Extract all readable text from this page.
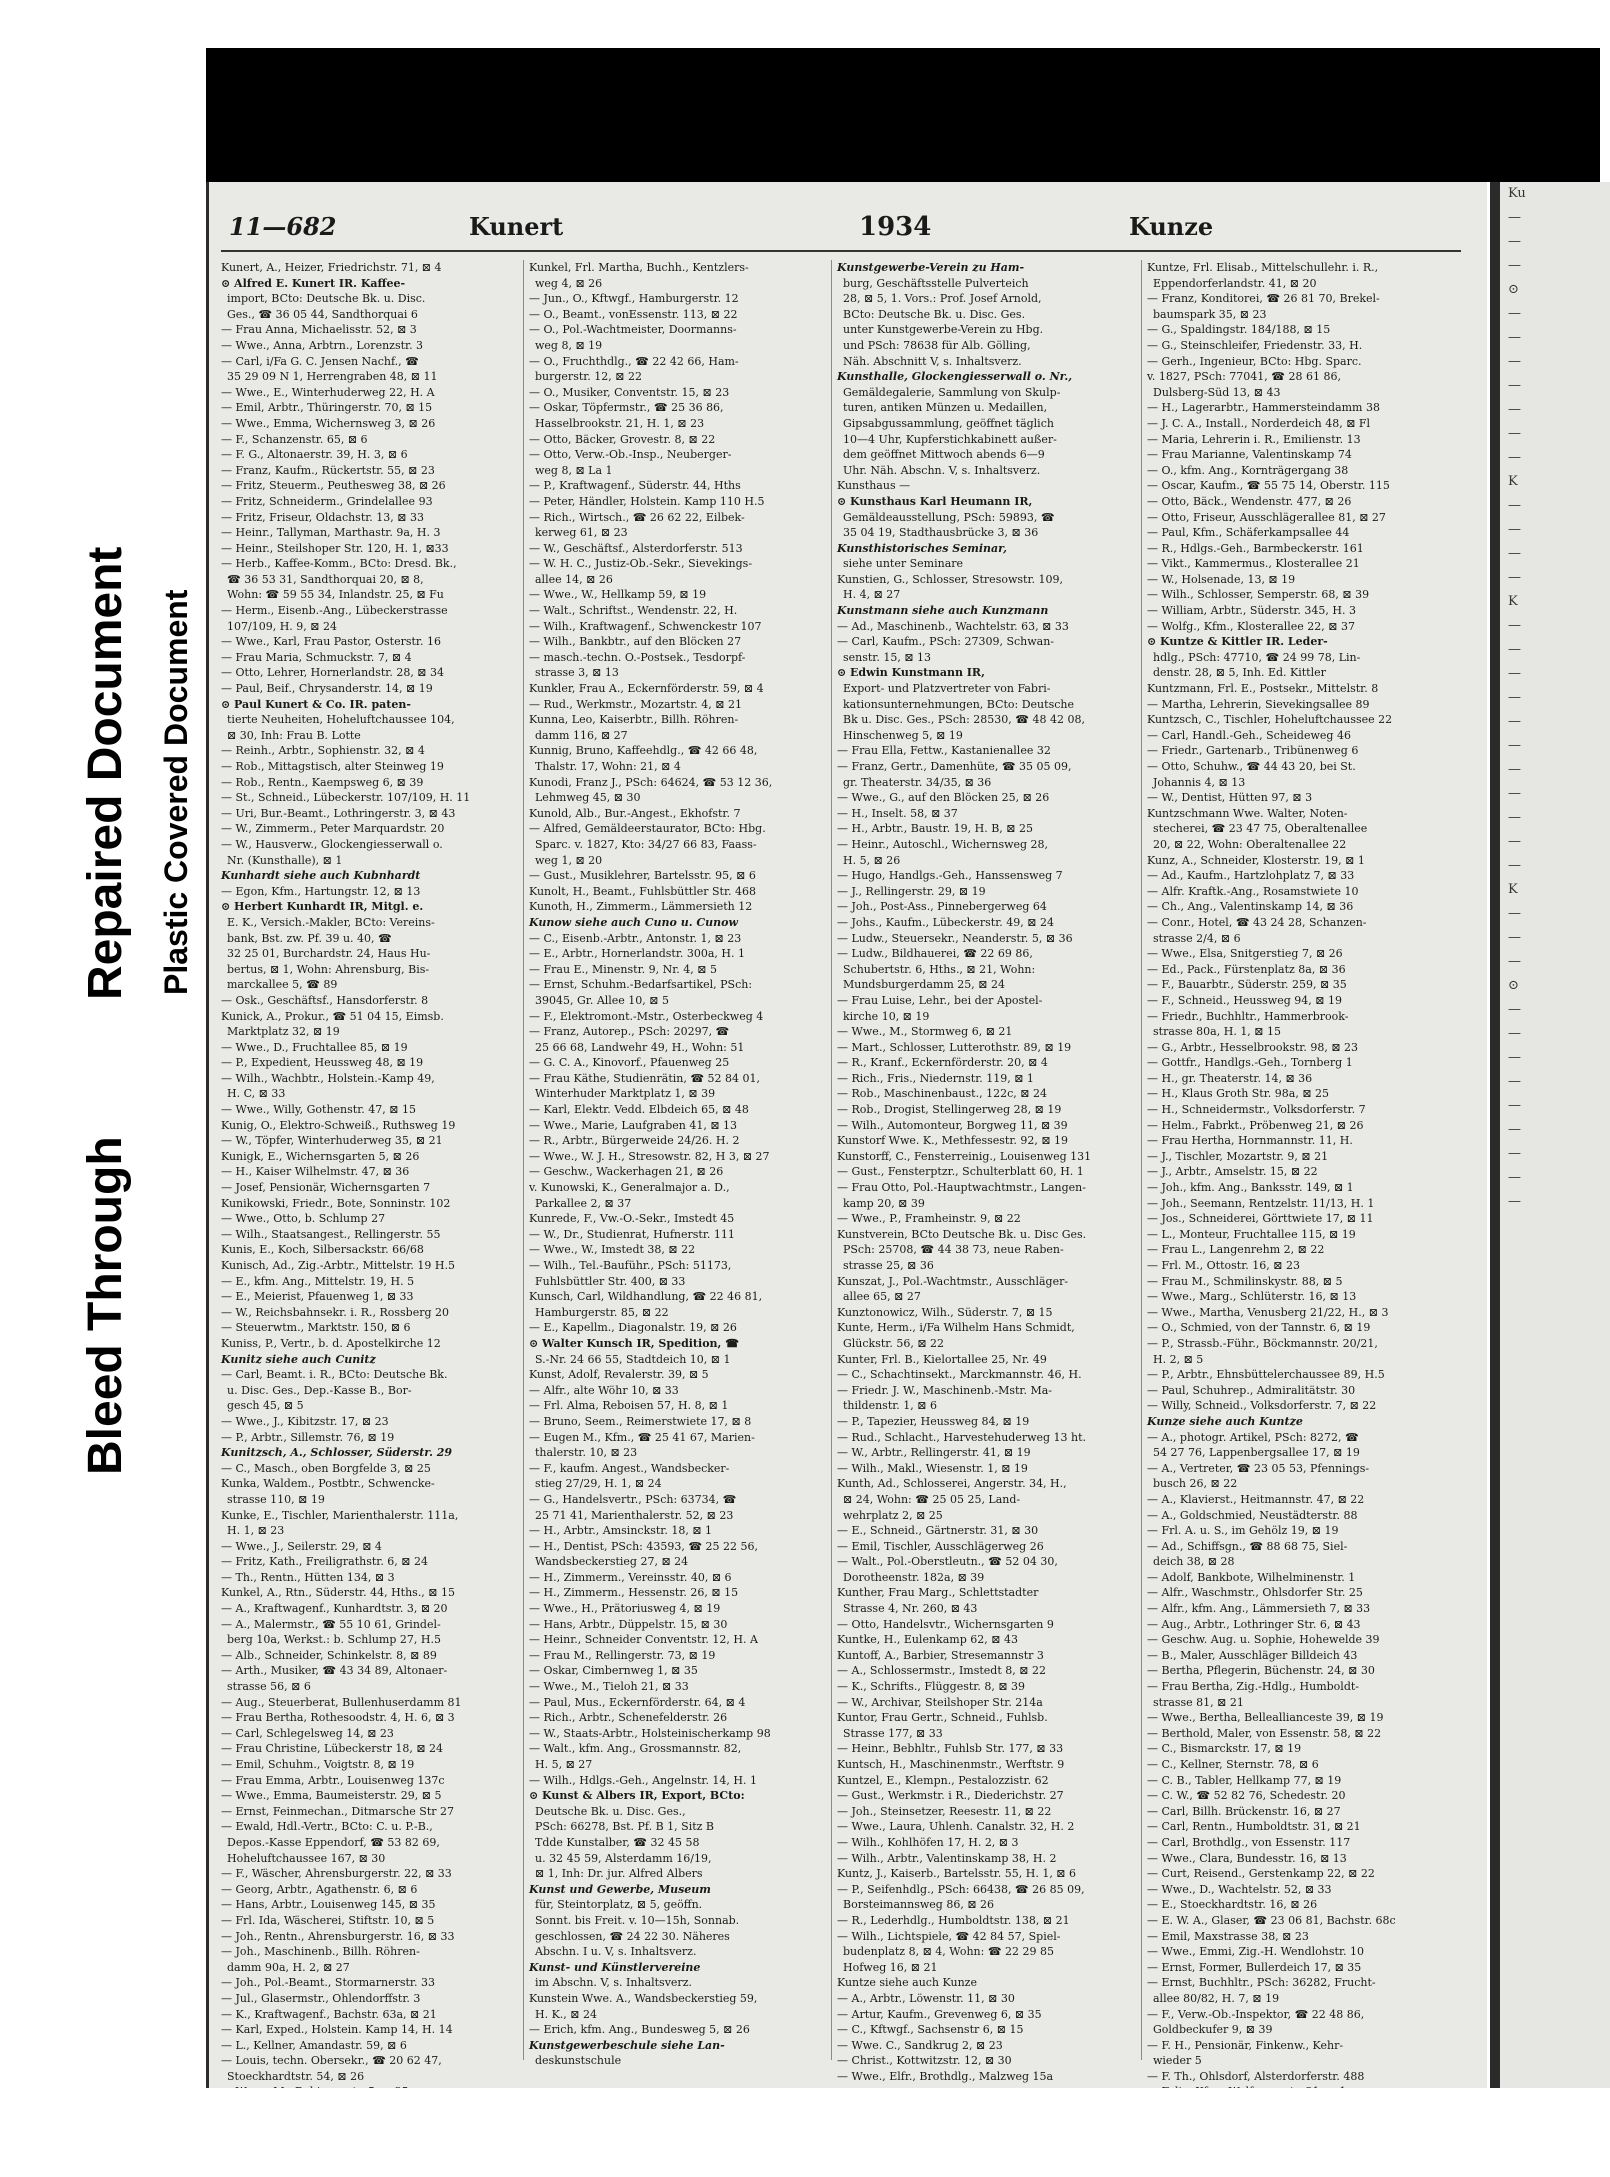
Bleed Through
Repaired Document Plastic Covered Document
11—682	Kunert	1934	Kunze
Kunert, A., Heizer, Friedrichstr. 71, ⊠ 4
⊙ Alfred E. Kunert IR. Kaffee-
import, BCto: Deutsche Bk. u. Disc.
Ges., ☎ 36 05 44, Sandthorquai 6
— Frau Anna, Michaelisstr. 52, ⊠ 3
— Wwe., Anna, Arbtrn., Lorenzstr. 3
— Carl, i/Fa G. C. Jensen Nachf., ☎
35 29 09 N 1, Herrengraben 48, ⊠ 11
— Wwe., E., Winterhuderweg 22, H. A
— Emil, Arbtr., Thüringerstr. 70, ⊠ 15
— Wwe., Emma, Wichernsweg 3, ⊠ 26
— F., Schanzenstr. 65, ⊠ 6
— F. G., Altonaerstr. 39, H. 3, ⊠ 6
— Franz, Kaufm., Rückertstr. 55, ⊠ 23
— Fritz, Steuerm., Peuthesweg 38, ⊠ 26
— Fritz, Schneiderm., Grindelallee 93
— Fritz, Friseur, Oldachstr. 13, ⊠ 33
— Heinr., Tallyman, Marthastr. 9a, H. 3
— Heinr., Steilshoper Str. 120, H. 1, ⊠33
— Herb., Kaffee-Komm., BCto: Dresd. Bk.,
☎ 36 53 31, Sandthorquai 20, ⊠ 8,
Wohn: ☎ 59 55 34, Inlandstr. 25, ⊠ Fu
— Herm., Eisenb.-Ang., Lübeckerstrasse
107/109, H. 9, ⊠ 24
— Wwe., Karl, Frau Pastor, Osterstr. 16
— Frau Maria, Schmuckstr. 7, ⊠ 4
— Otto, Lehrer, Hornerlandstr. 28, ⊠ 34
— Paul, Beif., Chrysanderstr. 14, ⊠ 19
⊙ Paul Kunert & Co. IR. paten-
tierte Neuheiten, Hoheluftchaussee 104,
⊠ 30, Inh: Frau B. Lotte
— Reinh., Arbtr., Sophienstr. 32, ⊠ 4
— Rob., Mittagstisch, alter Steinweg 19
— Rob., Rentn., Kaempsweg 6, ⊠ 39
— St., Schneid., Lübeckerstr. 107/109, H. 11
— Uri, Bur.-Beamt., Lothringerstr. 3, ⊠ 43
— W., Zimmerm., Peter Marquardstr. 20
— W., Hausverw., Glockengiesserwall o.
Nr. (Kunsthalle), ⊠ 1
Kunhardt siehe auch Kubnhardt
— Egon, Kfm., Hartungstr. 12, ⊠ 13
⊙ Herbert Kunhardt IR, Mitgl. e.
E. K., Versich.-Makler, BCto: Vereins-
bank, Bst. zw. Pf. 39 u. 40, ☎
32 25 01, Burchardstr. 24, Haus Hu-
bertus, ⊠ 1, Wohn: Ahrensburg, Bis-
marckallee 5, ☎ 89
— Osk., Geschäftsf., Hansdorferstr. 8
Kunick, A., Prokur., ☎ 51 04 15, Eimsb.
Marktplatz 32, ⊠ 19
— Wwe., D., Fruchtallee 85, ⊠ 19
— P., Expedient, Heussweg 48, ⊠ 19
— Wilh., Wachbtr., Holstein.-Kamp 49,
H. C, ⊠ 33
— Wwe., Willy, Gothenstr. 47, ⊠ 15
Kunig, O., Elektro-Schweiß., Ruthsweg 19
— W., Töpfer, Winterhuderweg 35, ⊠ 21
Kunigk, E., Wichernsgarten 5, ⊠ 26
— H., Kaiser Wilhelmstr. 47, ⊠ 36
— Josef, Pensionär, Wichernsgarten 7
Kunikowski, Friedr., Bote, Sonninstr. 102
— Wwe., Otto, b. Schlump 27
— Wilh., Staatsangest., Rellingerstr. 55
Kunis, E., Koch, Silbersackstr. 66/68
Kunisch, Ad., Zig.-Arbtr., Mittelstr. 19 H.5
— E., kfm. Ang., Mittelstr. 19, H. 5
— E., Meierist, Pfauenweg 1, ⊠ 33
— W., Reichsbahnsekr. i. R., Rossberg 20
— Steuerwtm., Marktstr. 150, ⊠ 6
Kuniss, P., Vertr., b. d. Apostelkirche 12
Kunitz siehe auch Cunitz
— Carl, Beamt. i. R., BCto: Deutsche Bk.
u. Disc. Ges., Dep.-Kasse B., Bor-
gesch 45, ⊠ 5
— Wwe., J., Kibitzstr. 17, ⊠ 23
— P., Arbtr., Sillemstr. 76, ⊠ 19
Kunitzsch, A., Schlosser, Süderstr. 29
— C., Masch., oben Borgfelde 3, ⊠ 25
Kunka, Waldem., Postbtr., Schwencke-
strasse 110, ⊠ 19
Kunke, E., Tischler, Marienthalerstr. 111a,
H. 1, ⊠ 23
— Wwe., J., Seilerstr. 29, ⊠ 4
— Fritz, Kath., Freiligrathstr. 6, ⊠ 24
— Th., Rentn., Hütten 134, ⊠ 3
Kunkel, A., Rtn., Süderstr. 44, Hths., ⊠ 15
— A., Kraftwagenf., Kunhardtstr. 3, ⊠ 20
— A., Malermstr., ☎ 55 10 61, Grindel-
berg 10a, Werkst.: b. Schlump 27, H.5
— Alb., Schneider, Schinkelstr. 8, ⊠ 89
— Arth., Musiker, ☎ 43 34 89, Altonaer-
strasse 56, ⊠ 6
— Aug., Steuerberat, Bullenhuserdamm 81
— Frau Bertha, Rothesoodstr. 4, H. 6, ⊠ 3
— Carl, Schlegelsweg 14, ⊠ 23
— Frau Christine, Lübeckerstr 18, ⊠ 24
— Emil, Schuhm., Voigtstr. 8, ⊠ 19
— Frau Emma, Arbtr., Louisenweg 137c
— Wwe., Emma, Baumeisterstr. 29, ⊠ 5
— Ernst, Feinmechan., Ditmarsche Str 27
— Ewald, Hdl.-Vertr., BCto: C. u. P.-B.,
Depos.-Kasse Eppendorf, ☎ 53 82 69,
Hoheluftchaussee 167, ⊠ 30
— F., Wäscher, Ahrensburgerstr. 22, ⊠ 33
— Georg, Arbtr., Agathenstr. 6, ⊠ 6
— Hans, Arbtr., Louisenweg 145, ⊠ 35
— Frl. Ida, Wäscherei, Stiftstr. 10, ⊠ 5
— Joh., Rentn., Ahrensburgerstr. 16, ⊠ 33
— Joh., Maschinenb., Billh. Röhren-
damm 90a, H. 2, ⊠ 27
— Joh., Pol.-Beamt., Stormarnerstr. 33
— Jul., Glasermstr., Ohlendorffstr. 3
— K., Kraftwagenf., Bachstr. 63a, ⊠ 21
— Karl, Exped., Holstein. Kamp 14, H. 14
— L., Kellner, Amandastr. 59, ⊠ 6
— Louis, techn. Obersekr., ☎ 20 62 47,
Stoeckhardtstr. 54, ⊠ 26
Kunkel, Frl. Martha, Buchh., Kentzlers-
weg 4, ⊠ 26
— Jun., O., Kftwgf., Hamburgerstr. 12
— O., Beamt., vonEssenstr. 113, ⊠ 22
— O., Pol.-Wachtmeister, Doormanns-
weg 8, ⊠ 19
— O., Fruchthdlg., ☎ 22 42 66, Ham-
burgerstr. 12, ⊠ 22
— O., Musiker, Conventstr. 15, ⊠ 23
— Oskar, Töpfermstr., ☎ 25 36 86,
Hasselbrookstr. 21, H. 1, ⊠ 23
— Otto, Bäcker, Grovestr. 8, ⊠ 22
— Otto, Verw.-Ob.-Insp., Neuberger-
weg 8, ⊠ La 1
— P., Kraftwagenf., Süderstr. 44, Hths
— Peter, Händler, Holstein. Kamp 110 H.5
— Rich., Wirtsch., ☎ 26 62 22, Eilbek-
kerweg 61, ⊠ 23
— W., Geschäftsf., Alsterdorferstr. 513
— W. H. C., Justiz-Ob.-Sekr., Sievekings-
allee 14, ⊠ 26
— Wwe., W., Hellkamp 59, ⊠ 19
— Walt., Schriftst., Wendenstr. 22, H.
— Wilh., Kraftwagenf., Schwenckestr 107
— Wilh., Bankbtr., auf den Blöcken 27
— masch.-techn. O.-Postsek., Tesdorpf-
strasse 3, ⊠ 13
Kunkler, Frau A., Eckernförderstr. 59, ⊠ 4
— Rud., Werkmstr., Mozartstr. 4, ⊠ 21
Kunna, Leo, Kaiserbtr., Billh. Röhren-
damm 116, ⊠ 27
Kunnig, Bruno, Kaffeehdlg., ☎ 42 66 48,
Thalstr. 17, Wohn: 21, ⊠ 4
Kunodi, Franz J., PSch: 64624, ☎ 53 12 36,
Lehmweg 45, ⊠ 30
Kunold, Alb., Bur.-Angest., Ekhofstr. 7
— Alfred, Gemäldeerstaurator, BCto: Hbg.
Sparc. v. 1827, Kto: 34/27 66 83, Faass-
weg 1, ⊠ 20
— Gust., Musiklehrer, Bartelsstr. 95, ⊠ 6
Kunolt, H., Beamt., Fuhlsbüttler Str. 468
Kunoth, H., Zimmerm., Lämmersieth 12
Kunow siehe auch Cuno u. Cunow
— C., Eisenb.-Arbtr., Antonstr. 1, ⊠ 23
— E., Arbtr., Hornerlandstr. 300a, H. 1
— Frau E., Minenstr. 9, Nr. 4, ⊠ 5
— Ernst, Schuhm.-Bedarfsartikel, PSch:
39045, Gr. Allee 10, ⊠ 5
— F., Elektromont.-Mstr., Osterbeckweg 4
— Franz, Autorep., PSch: 20297, ☎
25 66 68, Landwehr 49, H., Wohn: 51
— G. C. A., Kinovorf., Pfauenweg 25
— Frau Käthe, Studienrätin, ☎ 52 84 01,
Winterhuder Marktplatz 1, ⊠ 39
— Karl, Elektr. Vedd. Elbdeich 65, ⊠ 48
— Wwe., Marie, Laufgraben 41, ⊠ 13
— R., Arbtr., Bürgerweide 24/26. H. 2
— Wwe., W. J. H., Stresowstr. 82, H 3, ⊠ 27
— Geschw., Wackerhagen 21, ⊠ 26
v. Kunowski, K., Generalmajor a. D.,
Parkallee 2, ⊠ 37
Kunrede, F., Vw.-O.-Sekr., Imstedt 45
— W., Dr., Studienrat, Hufnerstr. 111
— Wwe., W., Imstedt 38, ⊠ 22
— Wilh., Tel.-Bauführ., PSch: 51173,
Fuhlsbüttler Str. 400, ⊠ 33
Kunsch, Carl, Wildhandlung, ☎ 22 46 81,
Hamburgerstr. 85, ⊠ 22
— E., Kapellm., Diagonalstr. 19, ⊠ 26
⊙ Walter Kunsch IR, Spedition, ☎
S.-Nr. 24 66 55, Stadtdeich 10, ⊠ 1
Kunst, Adolf, Revalerstr. 39, ⊠ 5
— Alfr., alte Wöhr 10, ⊠ 33
— Frl. Alma, Reboisen 57, H. 8, ⊠ 1
— Bruno, Seem., Reimerstwiete 17, ⊠ 8
— Eugen M., Kfm., ☎ 25 41 67, Marien-
thalerstr. 10, ⊠ 23
— F., kaufm. Angest., Wandsbecker-
stieg 27/29, H. 1, ⊠ 24
— G., Handelsvertr., PSch: 63734, ☎
25 71 41, Marienthalerstr. 52, ⊠ 23
— H., Arbtr., Amsinckstr. 18, ⊠ 1
— H., Dentist, PSch: 43593, ☎ 25 22 56,
Wandsbeckerstieg 27, ⊠ 24
— H., Zimmerm., Vereinsstr. 40, ⊠ 6
— H., Zimmerm., Hessenstr. 26, ⊠ 15
— Wwe., H., Prätoriusweg 4, ⊠ 19
— Hans, Arbtr., Düppelstr. 15, ⊠ 30
— Heinr., Schneider Conventstr. 12, H. A
— Frau M., Rellingerstr. 73, ⊠ 19
— Oskar, Cimbernweg 1, ⊠ 35
— Wwe., M., Tieloh 21, ⊠ 33
— Paul, Mus., Eckernförderstr. 64, ⊠ 4
— Rich., Arbtr., Schenefelderstr. 26
— W., Staats-Arbtr., Holsteinischerkamp 98
— Walt., kfm. Ang., Grossmannstr. 82,
H. 5, ⊠ 27
— Wilh., Hdlgs.-Geh., Angelnstr. 14, H. 1
⊙ Kunst & Albers IR, Export, BCto:
Deutsche Bk. u. Disc. Ges.,
PSch: 66278, Bst. Pf. B 1, Sitz B
Tdde Kunstalber, ☎ 32 45 58
u. 32 45 59, Alsterdamm 16/19,
⊠ 1, Inh: Dr. jur. Alfred Albers
Kunst und Gewerbe, Museum
für, Steintorplatz, ⊠ 5, geöffn.
Sonnt. bis Freit. v. 10—15h, Sonnab.
geschlossen, ☎ 24 22 30. Näheres
Abschn. I u. V, s. Inhaltsverz.
Kunst- und Künstlervereine
im Abschn. V, s. Inhaltsverz.
Kunstein Wwe. A., Wandsbeckerstieg 59,
H. K., ⊠ 24
— Erich, kfm. Ang., Bundesweg 5, ⊠ 26
Kunstgewerbeschule siehe Lan-
deskunstschule
Kunstgewerbe-Verein zu Ham-
burg, Geschäftsstelle Pulverteich
28, ⊠ 5, 1. Vors.: Prof. Josef Arnold,
BCto: Deutsche Bk. u. Disc. Ges.
unter Kunstgewerbe-Verein zu Hbg.
und PSch: 78638 für Alb. Gölling,
Näh. Abschnitt V, s. Inhaltsverz.
Kunsthalle, Glockengiesserwall o. Nr.,
Gemäldegalerie, Sammlung von Skulp-
turen, antiken Münzen u. Medaillen,
Gipsabgussammlung, geöffnet täglich
10—4 Uhr, Kupferstichkabinett außer-
dem geöffnet Mittwoch abends 6—9
Uhr. Näh. Abschn. V, s. Inhaltsverz.
Kunsthaus —
⊙ Kunsthaus Karl Heumann IR,
Gemäldeausstellung, PSch: 59893, ☎
35 04 19, Stadthausbrücke 3, ⊠ 36
Kunsthistorisches Seminar,
siehe unter Seminare
Kunstien, G., Schlosser, Stresowstr. 109,
H. 4, ⊠ 27
Kunstmann siehe auch Kunzmann
— Ad., Maschinenb., Wachtelstr. 63, ⊠ 33
— Carl, Kaufm., PSch: 27309, Schwan-
senstr. 15, ⊠ 13
⊙ Edwin Kunstmann IR,
Export- und Platzvertreter von Fabri-
kationsunternehmungen, BCto: Deutsche
Bk u. Disc. Ges., PSch: 28530, ☎ 48 42 08,
Hinschenweg 5, ⊠ 19
— Frau Ella, Fettw., Kastanienallee 32
— Franz, Gertr., Damenhüte, ☎ 35 05 09,
gr. Theaterstr. 34/35, ⊠ 36
— Wwe., G., auf den Blöcken 25, ⊠ 26
— H., Inselt. 58, ⊠ 37
— H., Arbtr., Baustr. 19, H. B, ⊠ 25
— Heinr., Autoschl., Wichernsweg 28,
H. 5, ⊠ 26
— Hugo, Handlgs.-Geh., Hanssensweg 7
— J., Rellingerstr. 29, ⊠ 19
— Joh., Post-Ass., Pinnebergerweg 64
— Johs., Kaufm., Lübeckerstr. 49, ⊠ 24
— Ludw., Steuersekr., Neanderstr. 5, ⊠ 36
— Ludw., Bildhauerei, ☎ 22 69 86,
Schubertstr. 6, Hths., ⊠ 21, Wohn:
Mundsburgerdamm 25, ⊠ 24
— Frau Luise, Lehr., bei der Apostel-
kirche 10, ⊠ 19
— Wwe., M., Stormweg 6, ⊠ 21
— Mart., Schlosser, Lutterothstr. 89, ⊠ 19
— R., Kranf., Eckernförderstr. 20, ⊠ 4
— Rich., Fris., Niedernstr. 119, ⊠ 1
— Rob., Maschinenbaust., 122c, ⊠ 24
— Rob., Drogist, Stellingerweg 28, ⊠ 19
— Wilh., Automonteur, Borgweg 11, ⊠ 39
Kunstorf Wwe. K., Methfessestr. 92, ⊠ 19
Kunstorff, C., Fensterreinig., Louisenweg 131
— Gust., Fensterptzr., Schulterblatt 60, H. 1
— Frau Otto, Pol.-Hauptwachtmstr., Langen-
kamp 20, ⊠ 39
— Wwe., P., Framheinstr. 9, ⊠ 22
Kunstverein, BCto Deutsche Bk. u. Disc Ges.
PSch: 25708, ☎ 44 38 73, neue Raben-
strasse 25, ⊠ 36
Kunszat, J., Pol.-Wachtmstr., Ausschläger-
allee 65, ⊠ 27
Kunztonowicz, Wilh., Süderstr. 7, ⊠ 15
Kunte, Herm., i/Fa Wilhelm Hans Schmidt,
Glückstr. 56, ⊠ 22
Kunter, Frl. B., Kielortallee 25, Nr. 49
— C., Schachtinsekt., Marckmannstr. 46, H.
— Friedr. J. W., Maschinenb.-Mstr. Ma-
thildenstr. 1, ⊠ 6
— P., Tapezier, Heussweg 84, ⊠ 19
— Rud., Schlacht., Harvestehuderweg 13 ht.
— W., Arbtr., Rellingerstr. 41, ⊠ 19
— Wilh., Makl., Wiesenstr. 1, ⊠ 19
Kunth, Ad., Schlosserei, Angerstr. 34, H.,
⊠ 24, Wohn: ☎ 25 05 25, Land-
wehrplatz 2, ⊠ 25
— E., Schneid., Gärtnerstr. 31, ⊠ 30
— Emil, Tischler, Ausschlägerweg 26
— Walt., Pol.-Oberstleutn., ☎ 52 04 30,
Dorotheenstr. 182a, ⊠ 39
Kunther, Frau Marg., Schlettstadter
Strasse 4, Nr. 260, ⊠ 43
— Otto, Handelsvtr., Wichernsgarten 9
Kuntke, H., Eulenkamp 62, ⊠ 43
Kuntoff, A., Barbier, Stresemannstr 3
— A., Schlossermstr., Imstedt 8, ⊠ 22
— K., Schrifts., Flüggestr. 8, ⊠ 39
— W., Archivar, Steilshoper Str. 214a
Kuntor, Frau Gertr., Schneid., Fuhlsb.
Strasse 177, ⊠ 33
— Heinr., Bebhltr., Fuhlsb Str. 177, ⊠ 33
Kuntsch, H., Maschinenmstr., Werftstr. 9
Kuntzel, E., Klempn., Pestalozzistr. 62
— Gust., Werkmstr. i R., Diederichstr. 27
— Joh., Steinsetzer, Reesestr. 11, ⊠ 22
— Wwe., Laura, Uhlenh. Canalstr. 32, H. 2
— Wilh., Kohlhöfen 17, H. 2, ⊠ 3
— Wilh., Arbtr., Valentinskamp 38, H. 2
Kuntz, J., Kaiserb., Bartelsstr. 55, H. 1, ⊠ 6
— P., Seifenhdlg., PSch: 66438, ☎ 26 85 09,
Borsteimannsweg 86, ⊠ 26
— R., Lederhdlg., Humboldtstr. 138, ⊠ 21
— Wilh., Lichtspiele, ☎ 42 84 57, Spiel-
budenplatz 8, ⊠ 4, Wohn: ☎ 22 29 85
Hofweg 16, ⊠ 21
Kuntze siehe auch Kunze
— A., Arbtr., Löwenstr. 11, ⊠ 30
— Artur, Kaufm., Grevenweg 6, ⊠ 35
— C., Kftwgf., Sachsenstr 6, ⊠ 15
— Wwe. C., Sandkrug 2, ⊠ 23
— Christ., Kottwitzstr. 12, ⊠ 30
— Wwe., Elfr., Brothdlg., Malzweg 15a
Kuntze, Frl. Elisab., Mittelschullehr. i. R.,
Eppendorferlandstr. 41, ⊠ 20
— Franz, Konditorei, ☎ 26 81 70, Brekel-
baumspark 35, ⊠ 23
— G., Spaldingstr. 184/188, ⊠ 15
— G., Steinschleifer, Friedenstr. 33, H.
— Gerh., Ingenieur, BCto: Hbg. Sparc.
v. 1827, PSch: 77041, ☎ 28 61 86,
Dulsberg-Süd 13, ⊠ 43
— H., Lagerarbtr., Hammersteindamm 38
— J. C. A., Install., Norderdeich 48, ⊠ Fl
— Maria, Lehrerin i. R., Emilienstr. 13
— Frau Marianne, Valentinskamp 74
— O., kfm. Ang., Kornträgergang 38
— Oscar, Kaufm., ☎ 55 75 14, Oberstr. 115
— Otto, Bäck., Wendenstr. 477, ⊠ 26
— Otto, Friseur, Ausschlägerallee 81, ⊠ 27
— Paul, Kfm., Schäferkampsallee 44
— R., Hdlgs.-Geh., Barmbeckerstr. 161
— Vikt., Kammermus., Klosterallee 21
— W., Holsenade, 13, ⊠ 19
— Wilh., Schlosser, Semperstr. 68, ⊠ 39
— William, Arbtr., Süderstr. 345, H. 3
— Wolfg., Kfm., Klosterallee 22, ⊠ 37
⊙ Kuntze & Kittler IR. Leder-
hdlg., PSch: 47710, ☎ 24 99 78, Lin-
denstr. 28, ⊠ 5, Inh. Ed. Kittler
Kuntzmann, Frl. E., Postsekr., Mittelstr. 8
— Martha, Lehrerin, Sievekingsallee 89
Kuntzsch, C., Tischler, Hoheluftchaussee 22
— Carl, Handl.-Geh., Scheideweg 46
— Friedr., Gartenarb., Tribünenweg 6
— Otto, Schuhw., ☎ 44 43 20, bei St.
Johannis 4, ⊠ 13
— W., Dentist, Hütten 97, ⊠ 3
Kuntzschmann Wwe. Walter, Noten-
stecherei, ☎ 23 47 75, Oberaltenallee
20, ⊠ 22, Wohn: Oberaltenallee 22
Kunz, A., Schneider, Klosterstr. 19, ⊠ 1
— Ad., Kaufm., Hartzlohplatz 7, ⊠ 33
— Alfr. Kraftk.-Ang., Rosamstwiete 10
— Ch., Ang., Valentinskamp 14, ⊠ 36
— Conr., Hotel, ☎ 43 24 28, Schanzen-
strasse 2/4, ⊠ 6
— Wwe., Elsa, Snitgerstieg 7, ⊠ 26
— Ed., Pack., Fürstenplatz 8a, ⊠ 36
— F., Bauarbtr., Süderstr. 259, ⊠ 35
— F., Schneid., Heussweg 94, ⊠ 19
— Friedr., Buchhltr., Hammerbrook-
strasse 80a, H. 1, ⊠ 15
— G., Arbtr., Hesselbrookstr. 98, ⊠ 23
— Gottfr., Handlgs.-Geh., Tornberg 1
— H., gr. Theaterstr. 14, ⊠ 36
— H., Klaus Groth Str. 98a, ⊠ 25
— H., Schneidermstr., Volksdorferstr. 7
— Helm., Fabrkt., Pröbenweg 21, ⊠ 26
— Frau Hertha, Hornmannstr. 11, H.
— J., Tischler, Mozartstr. 9, ⊠ 21
— J., Arbtr., Amselstr. 15, ⊠ 22
— Joh., kfm. Ang., Banksstr. 149, ⊠ 1
— Joh., Seemann, Rentzelstr. 11/13, H. 1
— Jos., Schneiderei, Görttwiete 17, ⊠ 11
— L., Monteur, Fruchtallee 115, ⊠ 19
— Frau L., Langenrehm 2, ⊠ 22
— Frl. M., Ottostr. 16, ⊠ 23
— Frau M., Schmilinskystr. 88, ⊠ 5
— Wwe., Marg., Schlüterstr. 16, ⊠ 13
— Wwe., Martha, Venusberg 21/22, H., ⊠ 3
— O., Schmied, von der Tannstr. 6, ⊠ 19
— P., Strassb.-Führ., Böckmannstr. 20/21,
H. 2, ⊠ 5
— P., Arbtr., Ehnsbüttelerchaussee 89, H.5
— Paul, Schuhrep., Admiralitätstr. 30
— Willy, Schneid., Volksdorferstr. 7, ⊠ 22
Kunze siehe auch Kuntze
— A., photogr. Artikel, PSch: 8272, ☎
54 27 76, Lappenbergsallee 17, ⊠ 19
— A., Vertreter, ☎ 23 05 53, Pfennings-
busch 26, ⊠ 22
— A., Klavierst., Heitmannstr. 47, ⊠ 22
— A., Goldschmied, Neustädterstr. 88
— Frl. A. u. S., im Gehölz 19, ⊠ 19
— Ad., Schiffsgn., ☎ 88 68 75, Siel-
deich 38, ⊠ 28
— Adolf, Bankbote, Wilhelminenstr. 1
— Alfr., Waschmstr., Ohlsdorfer Str. 25
— Alfr., kfm. Ang., Lämmersieth 7, ⊠ 33
— Aug., Arbtr., Lothringer Str. 6, ⊠ 43
— Geschw. Aug. u. Sophie, Hohewelde 39
— B., Maler, Ausschläger Billdeich 43
— Bertha, Pflegerin, Büchenstr. 24, ⊠ 30
— Frau Bertha, Zig.-Hdlg., Humboldt-
strasse 81, ⊠ 21
— Wwe., Bertha, Belleallianceste 39, ⊠ 19
— Berthold, Maler, von Essenstr. 58, ⊠ 22
— C., Bismarckstr. 17, ⊠ 19
— C., Kellner, Sternstr. 78, ⊠ 6
— C. B., Tabler, Hellkamp 77, ⊠ 19
— C. W., ☎ 52 82 76, Schedestr. 20
— Carl, Billh. Brückenstr. 16, ⊠ 27
— Carl, Rentn., Humboldtstr. 31, ⊠ 21
— Carl, Brothdlg., von Essenstr. 117
— Wwe., Clara, Bundesstr. 16, ⊠ 13
— Curt, Reisend., Gerstenkamp 22, ⊠ 22
— Wwe., D., Wachtelstr. 52, ⊠ 33
— E., Stoeckhardtstr. 16, ⊠ 26
— E. W. A., Glaser, ☎ 23 06 81, Bachstr. 68c
— Emil, Maxstrasse 38, ⊠ 23
— Wwe., Emmi, Zig.-H. Wendlohstr. 10
— Ernst, Former, Bullerdeich 17, ⊠ 35
— Ernst, Buchhltr., PSch: 36282, Frucht-
allee 80/82, H. 7, ⊠ 19
— F., Verw.-Ob.-Inspektor, ☎ 22 48 86,
Goldbeckufer 9, ⊠ 39
— F. H., Pensionär, Finkenw., Kehr-
wieder 5
— F. Th., Ohlsdorf, Alsterdorferstr. 488
Ku
—
—
—
⊙
—
—
—
—
—
—
—
K
—
—
—
—
K
—
—
—
—
—
—
—
—
—
—
—
K
—
—
—
⊙
—
—
—
—
—
—
—
—
—
